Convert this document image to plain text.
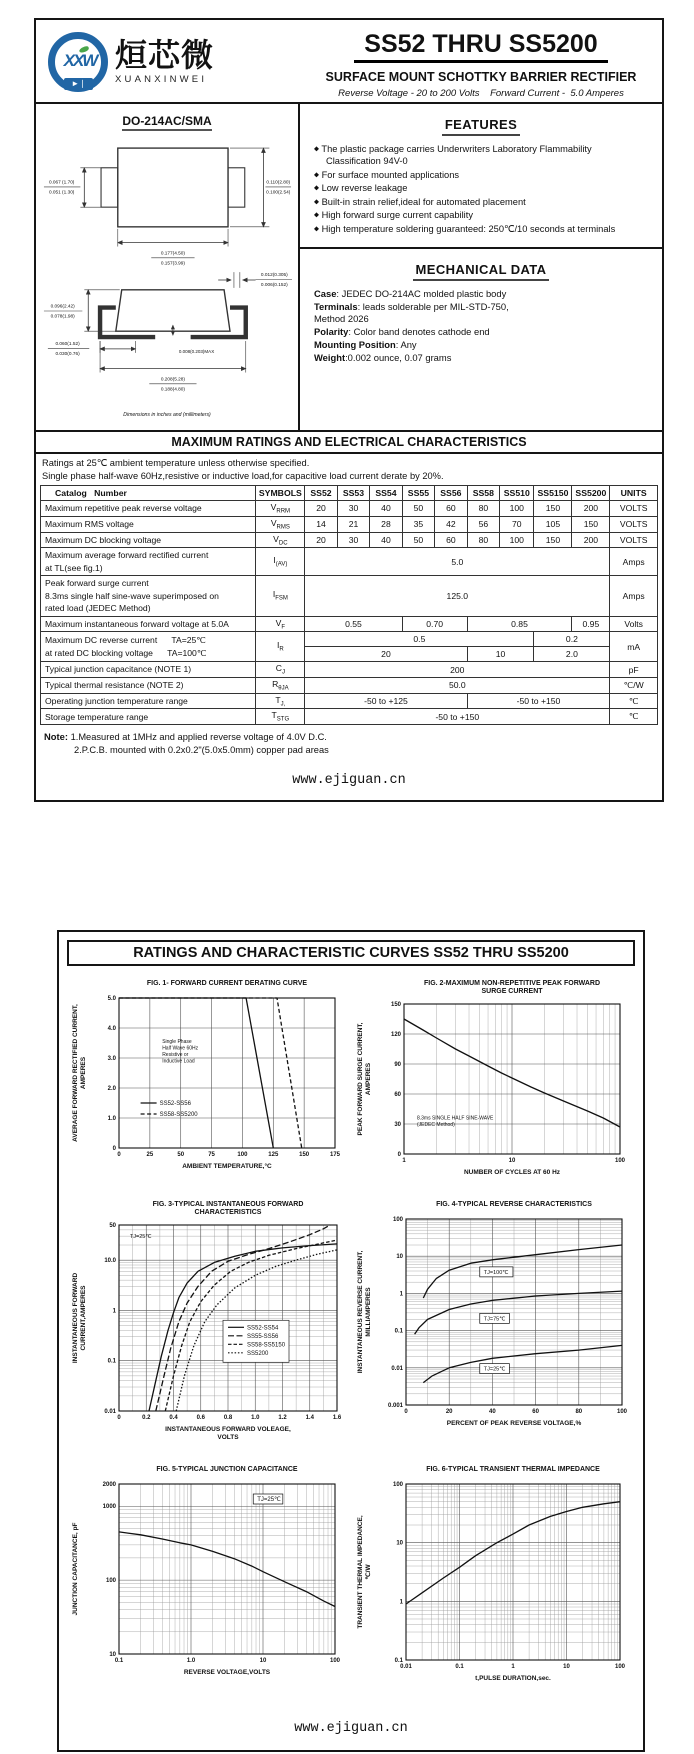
XXW
►❘ 烜芯微
XUANXINWEI
SS52 THRU SS5200
SURFACE MOUNT SCHOTTKY BARRIER RECTIFIER
Reverse Voltage - 20 to 200 Volts    Forward Current -  5.0 Amperes
DO-214AC/SMA
0.067 (1.70)
0.051 (1.30)
0.110(2.80)
0.100(2.54)
0.177(4.50)
0.157(3.99)
0.012(0.305)
0.006(0.152)
0.096(2.42)
0.078(1.98)
0.060(1.52)
0.030(0.76)
0.008(0.203)MAX
0.208(5.28)
0.188(4.80)
Dimensions in inches and (millimeters)
FEATURES
◆ The plastic package carries Underwriters Laboratory Flammability Classification 94V-0
◆ For surface mounted applications
◆ Low reverse leakage
◆ Built-in strain relief,ideal for automated placement
◆ High forward surge current capability
◆ High temperature soldering guaranteed: 250℃/10 seconds at terminals
MECHANICAL DATA
Case: JEDEC DO-214AC molded plastic body
Terminals: leads solderable per MIL-STD-750,
Method 2026
Polarity: Color band denotes cathode end
Mounting Position: Any
Weight:0.002 ounce, 0.07 grams
MAXIMUM RATINGS AND ELECTRICAL CHARACTERISTICS
Ratings at 25℃ ambient temperature unless otherwise specified.
Single phase half-wave 60Hz,resistive or inductive load,for capacitive load current derate by 20%.
Catalog   Number	SYMBOLS	SS52	SS53	SS54	SS55	SS56	SS58	SS510	SS5150	SS5200	UNITS
Maximum repetitive peak reverse voltage	$V_{RRM}$	20	30	40	50	60	80	100	150	200	VOLTS
Maximum RMS voltage	$V_{RMS}$	14	21	28	35	42	56	70	105	150	VOLTS
Maximum DC blocking voltage	$V_{DC}$	20	30	40	50	60	80	100	150	200	VOLTS
Maximum average forward rectified current
at TL(see fig.1)	$I_{(AV)}$	5.0									Amps
Peak forward surge current
8.3ms single half sine-wave superimposed on
rated load (JEDEC Method)	$I_{FSM}$	125.0									Amps
Maximum instantaneous forward voltage at 5.0A	$V_F$	0.55			0.70		0.85			0.95	Volts
Maximum DC reverse current      TA=25℃
at rated DC blocking voltage      TA=100℃	$I_R$	0.5							0.2		mA
		20					10		2.0		
Typical junction capacitance (NOTE 1)	$C_J$	200									pF
Typical thermal resistance (NOTE 2)	$R_{\theta JA}$	50.0									℃/W
Operating junction temperature range	$T_{J,}$	-50 to +125					-50 to +150				℃
Storage temperature range	$T_{STG}$	-50 to +150									℃
Note: 1.Measured at 1MHz and applied reverse voltage of 4.0V D.C.
2.P.C.B. mounted with 0.2x0.2"(5.0x5.0mm) copper pad areas
www.ejiguan.cn
RATINGS AND CHARACTERISTIC CURVES SS52 THRU SS5200
0	25	50	75	100	125	150	175
0
1.0
2.0
3.0
4.0
5.0
FIG. 1- FORWARD CURRENT DERATING CURVE
AMBIENT TEMPERATURE,°C
AVERAGE FORWARD RECTIFIED CURRENT, AMPERES
SS52-SS56
SS58-SS5200
Single Phase
Half Wave 60Hz
Resistive or
Inductive Load
1	10	100
0
30
60
90
120
150
FIG. 2-MAXIMUM NON-REPETITIVE PEAK FORWARD
SURGE CURRENT
NUMBER OF CYCLES AT 60 Hz
PEAK FORWARD SURGE CURRENT, AMPERES
8.3ms SINGLE HALF SINE-WAVE
(JEDEC Method)
0	0.2	0.4	0.6	0.8	1.0	1.2	1.4	1.6
50
10.0
1
0.1
0.01
FIG. 3-TYPICAL INSTANTANEOUS FORWARD
CHARACTERISTICS
INSTANTANEOUS FORWARD VOLEAGE,
VOLTS
INSTANTANEOUS FORWARD CURRENT,AMPERES	SS52-SS54
SS55-SS56
SS58-SS5150
SS5200
TJ=25℃
0	20	40	60	80	100
100
10
1
0.1
0.01
0.001
FIG. 4-TYPICAL REVERSE CHARACTERISTICS
PERCENT OF PEAK REVERSE VOLTAGE,%
INSTANTANEOUS REVERSE CURRENT, MILLIAMPERES
TJ=100℃
TJ=75℃
TJ=25℃
0.1	1.0	10	100
2000
1000
100
10
FIG. 5-TYPICAL JUNCTION CAPACITANCE
REVERSE VOLTAGE,VOLTS
JUNCTION CAPACITANCE, pF
TJ=25℃
0.01	0.1	1	10	100
100
10
1
0.1
FIG. 6-TYPICAL TRANSIENT THERMAL IMPEDANCE
t,PULSE DURATION,sec.
TRANSIENT THERMAL IMPEDANCE, ℃/W
www.ejiguan.cn
